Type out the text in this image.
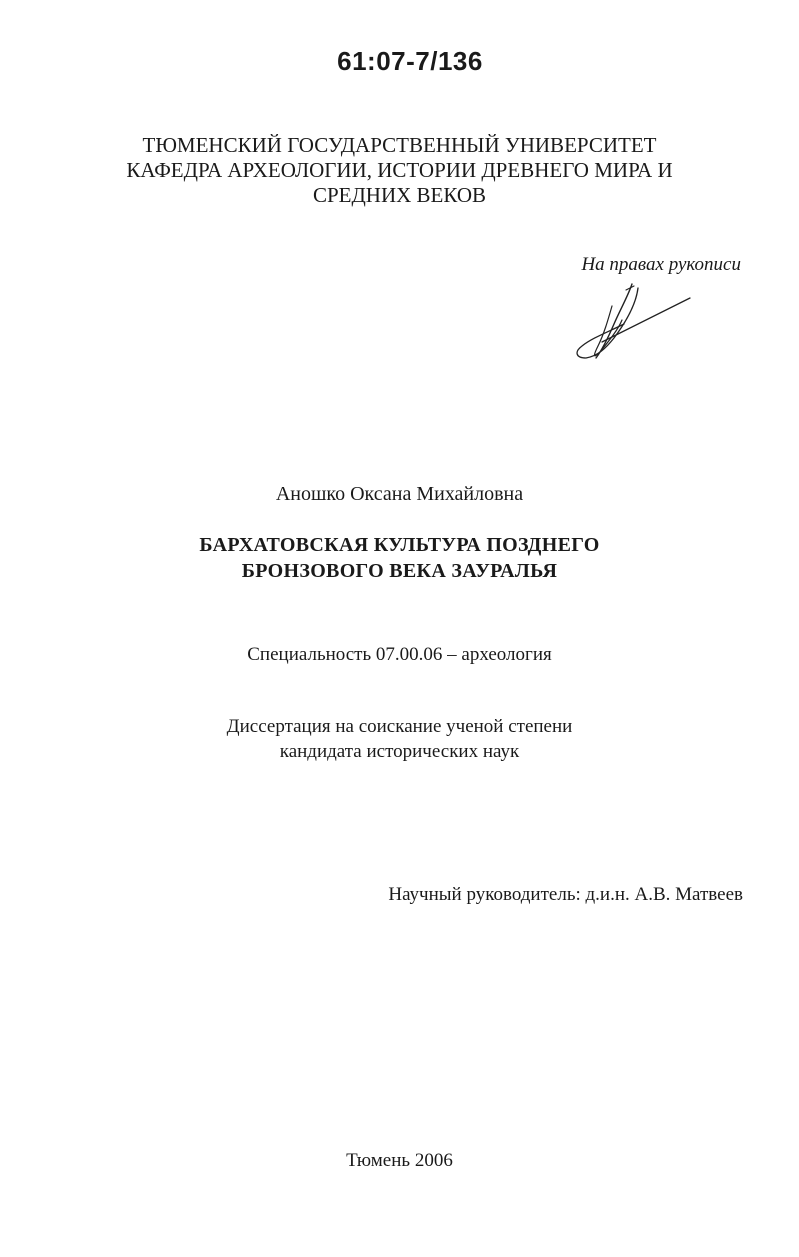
61:07-7/136
ТЮМЕНСКИЙ ГОСУДАРСТВЕННЫЙ УНИВЕРСИТЕТ
КАФЕДРА АРХЕОЛОГИИ, ИСТОРИИ ДРЕВНЕГО МИРА И
СРЕДНИХ ВЕКОВ
На правах рукописи
Аношко Оксана Михайловна
БАРХАТОВСКАЯ КУЛЬТУРА ПОЗДНЕГО
БРОНЗОВОГО ВЕКА ЗАУРАЛЬЯ
Специальность 07.00.06 – археология
Диссертация на соискание ученой степени
кандидата исторических наук
Научный руководитель: д.и.н. А.В. Матвеев
Тюмень 2006
